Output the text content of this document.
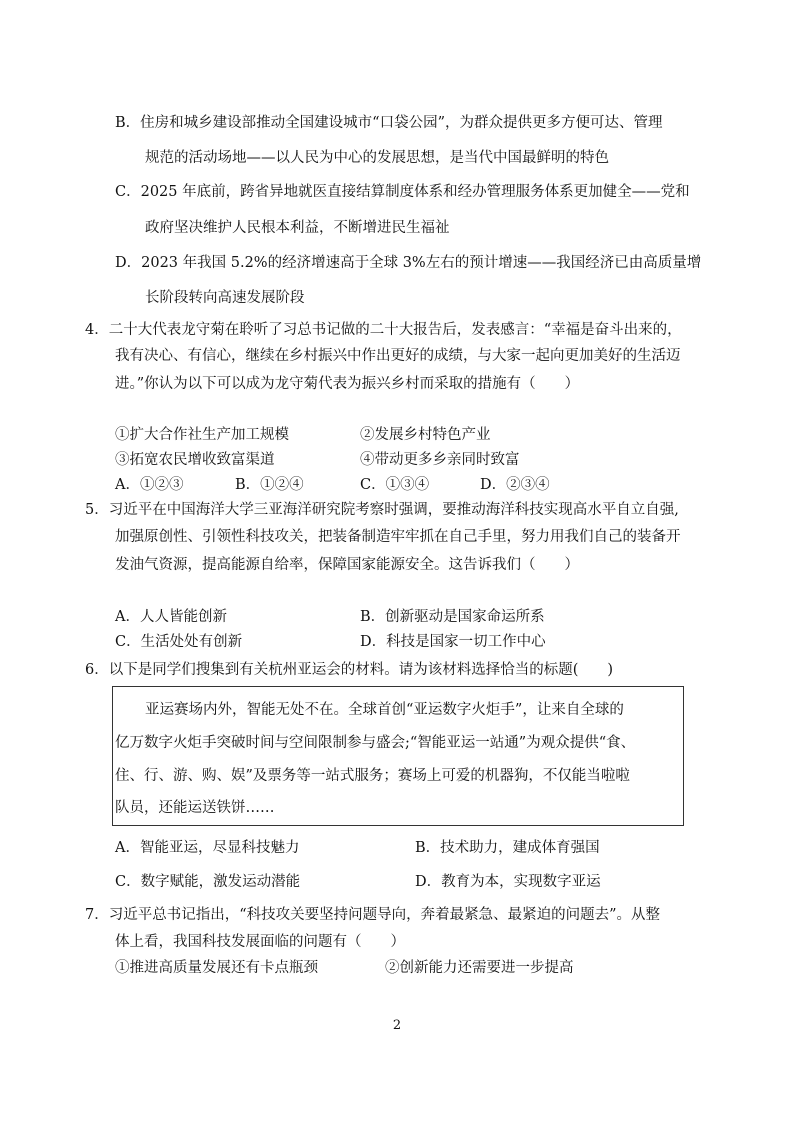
B．住房和城乡建设部推动全国建设城市“口袋公园”，为群众提供更多方便可达、管理
规范的活动场地——以人民为中心的发展思想，是当代中国最鲜明的特色
C．2025 年底前，跨省异地就医直接结算制度体系和经办管理服务体系更加健全——党和
政府坚决维护人民根本利益，不断增进民生福祉
D．2023 年我国 5.2%的经济增速高于全球 3%左右的预计增速——我国经济已由高质量增
长阶段转向高速发展阶段
4．二十大代表龙守菊在聆听了习总书记做的二十大报告后，发表感言：“幸福是奋斗出来的，
我有决心、有信心，继续在乡村振兴中作出更好的成绩，与大家一起向更加美好的生活迈
进。”你认为以下可以成为龙守菊代表为振兴乡村而采取的措施有（　　）
①扩大合作社生产加工规模	②发展乡村特色产业
③拓宽农民增收致富渠道	④带动更多乡亲同时致富
A．①②③	B．①②④	C．①③④	D．②③④
5．习近平在中国海洋大学三亚海洋研究院考察时强调，要推动海洋科技实现高水平自立自强,
加强原创性、引领性科技攻关，把装备制造牢牢抓在自己手里，努力用我们自己的装备开
发油气资源，提高能源自给率，保障国家能源安全。这告诉我们（　　）
A．人人皆能创新	B．创新驱动是国家命运所系
C．生活处处有创新	D．科技是国家一切工作中心
6．以下是同学们搜集到有关杭州亚运会的材料。请为该材料选择恰当的标题(　　)
亚运赛场内外，智能无处不在。全球首创“亚运数字火炬手”，让来自全球的
亿万数字火炬手突破时间与空间限制参与盛会;“智能亚运一站通”为观众提供“食、
住、行、游、购、娱”及票务等一站式服务；赛场上可爱的机器狗，不仅能当啦啦
队员，还能运送铁饼……
A．智能亚运，尽显科技魅力	B．技术助力，建成体育强国
C．数字赋能，激发运动潜能	D．教育为本，实现数字亚运
7．习近平总书记指出，“科技攻关要坚持问题导向，奔着最紧急、最紧迫的问题去”。从整
体上看，我国科技发展面临的问题有（　　）
①推进高质量发展还有卡点瓶颈	②创新能力还需要进一步提高
2
